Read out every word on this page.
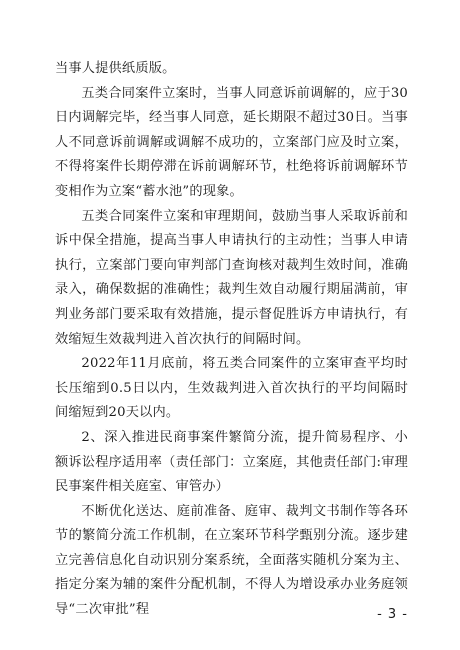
当事人提供纸质版。

五类合同案件立案时，当事人同意诉前调解的，应于30日内调解完毕，经当事人同意，延长期限不超过30日。当事人不同意诉前调解或调解不成功的，立案部门应及时立案，不得将案件长期停滞在诉前调解环节，杜绝将诉前调解环节变相作为立案“蓄水池”的现象。

五类合同案件立案和审理期间，鼓励当事人采取诉前和诉中保全措施，提高当事人申请执行的主动性；当事人申请执行，立案部门要向审判部门查询核对裁判生效时间，准确录入，确保数据的准确性；裁判生效自动履行期届满前，审判业务部门要采取有效措施，提示督促胜诉方申请执行，有效缩短生效裁判进入首次执行的间隔时间。

2022年11月底前，将五类合同案件的立案审查平均时长压缩到0.5日以内，生效裁判进入首次执行的平均间隔时间缩短到20天以内。

2、深入推进民商事案件繁简分流，提升简易程序、小额诉讼程序适用率（责任部门：立案庭，其他责任部门:审理民事案件相关庭室、审管办）

不断优化送达、庭前准备、庭审、裁判文书制作等各环节的繁简分流工作机制，在立案环节科学甄别分流。逐步建立完善信息化自动识别分案系统，全面落实随机分案为主、指定分案为辅的案件分配机制，不得人为增设承办业务庭领导“二次审批”程	- 3 -
